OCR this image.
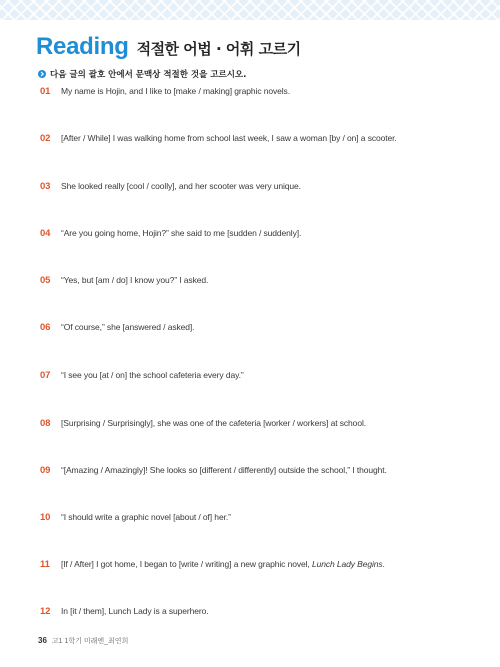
Reading 적절한 어법 · 어휘 고르기
다음 글의 괄호 안에서 문맥상 적절한 것을 고르시오.
01	My name is Hojin, and I like to [make / making] graphic novels.
02	[After / While] I was walking home from school last week, I saw a woman [by / on] a scooter.
03	She looked really [cool / coolly], and her scooter was very unique.
04	“Are you going home, Hojin?” she said to me [sudden / suddenly].
05	“Yes, but [am / do] I know you?” I asked.
06	“Of course,” she [answered / asked].
07	“I see you [at / on] the school cafeteria every day.”
08	[Surprising / Surprisingly], she was one of the cafeteria [worker / workers] at school.
09	“[Amazing / Amazingly]! She looks so [different / differently] outside the school,” I thought.
10	“I should write a graphic novel [about / of] her.”
11	[If / After] I got home, I began to [write / writing] a new graphic novel, Lunch Lady Begins.
12	In [it / them], Lunch Lady is a superhero.
36 고1 1학기 미래엔_최연희
